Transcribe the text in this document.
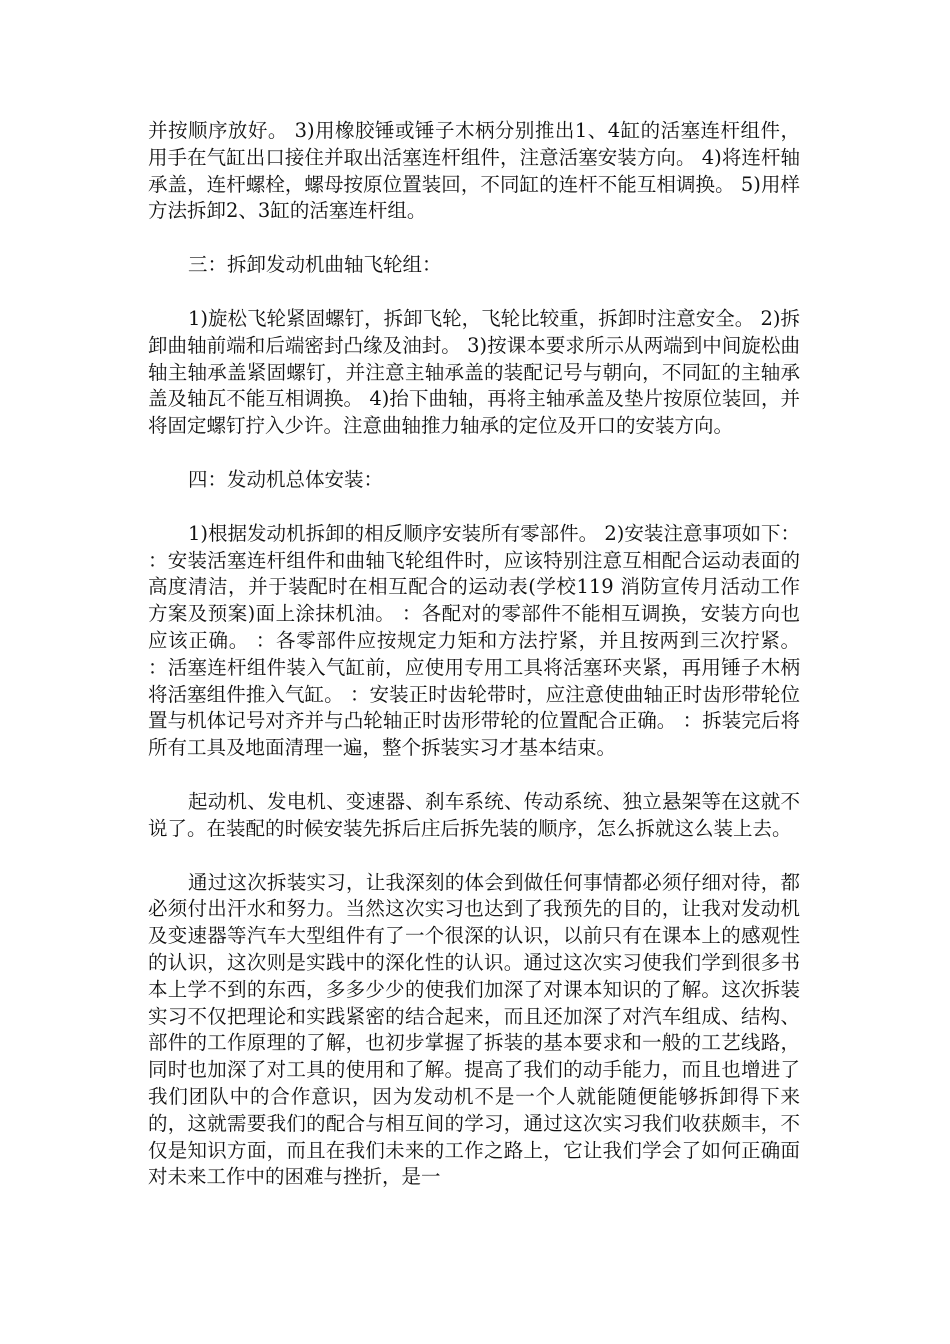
并按顺序放好。 3)用橡胶锤或锤子木柄分别推出1、4缸的活塞连杆组件，用手在气缸出口接住并取出活塞连杆组件，注意活塞安装方向。 4)将连杆轴承盖，连杆螺栓，螺母按原位置装回，不同缸的连杆不能互相调换。 5)用样方法拆卸2、3缸的活塞连杆组。

三：拆卸发动机曲轴飞轮组：

1)旋松飞轮紧固螺钉，拆卸飞轮，飞轮比较重，拆卸时注意安全。 2)拆卸曲轴前端和后端密封凸缘及油封。 3)按课本要求所示从两端到中间旋松曲轴主轴承盖紧固螺钉，并注意主轴承盖的装配记号与朝向，不同缸的主轴承盖及轴瓦不能互相调换。 4)抬下曲轴，再将主轴承盖及垫片按原位装回，并将固定螺钉拧入少许。注意曲轴推力轴承的定位及开口的安装方向。

四：发动机总体安装：

1)根据发动机拆卸的相反顺序安装所有零部件。 2)安装注意事项如下： ：安装活塞连杆组件和曲轴飞轮组件时，应该特别注意互相配合运动表面的高度清洁，并于装配时在相互配合的运动表(学校119 消防宣传月活动工作方案及预案)面上涂抹机油。 ：各配对的零部件不能相互调换，安装方向也应该正确。 ：各零部件应按规定力矩和方法拧紧，并且按两到三次拧紧。 ：活塞连杆组件装入气缸前，应使用专用工具将活塞环夹紧，再用锤子木柄将活塞组件推入气缸。 ：安装正时齿轮带时，应注意使曲轴正时齿形带轮位置与机体记号对齐并与凸轮轴正时齿形带轮的位置配合正确。 ：拆装完后将所有工具及地面清理一遍，整个拆装实习才基本结束。

起动机、发电机、变速器、刹车系统、传动系统、独立悬架等在这就不说了。在装配的时候安装先拆后庄后拆先装的顺序，怎么拆就这么装上去。

通过这次拆装实习，让我深刻的体会到做任何事情都必须仔细对待，都必须付出汗水和努力。当然这次实习也达到了我预先的目的，让我对发动机及变速器等汽车大型组件有了一个很深的认识，以前只有在课本上的感观性的认识，这次则是实践中的深化性的认识。通过这次实习使我们学到很多书本上学不到的东西，多多少少的使我们加深了对课本知识的了解。这次拆装实习不仅把理论和实践紧密的结合起来，而且还加深了对汽车组成、结构、部件的工作原理的了解，也初步掌握了拆装的基本要求和一般的工艺线路，同时也加深了对工具的使用和了解。提高了我们的动手能力，而且也增进了我们团队中的合作意识，因为发动机不是一个人就能随便能够拆卸得下来的，这就需要我们的配合与相互间的学习，通过这次实习我们收获颇丰，不仅是知识方面，而且在我们未来的工作之路上，它让我们学会了如何正确面对未来工作中的困难与挫折，是一
